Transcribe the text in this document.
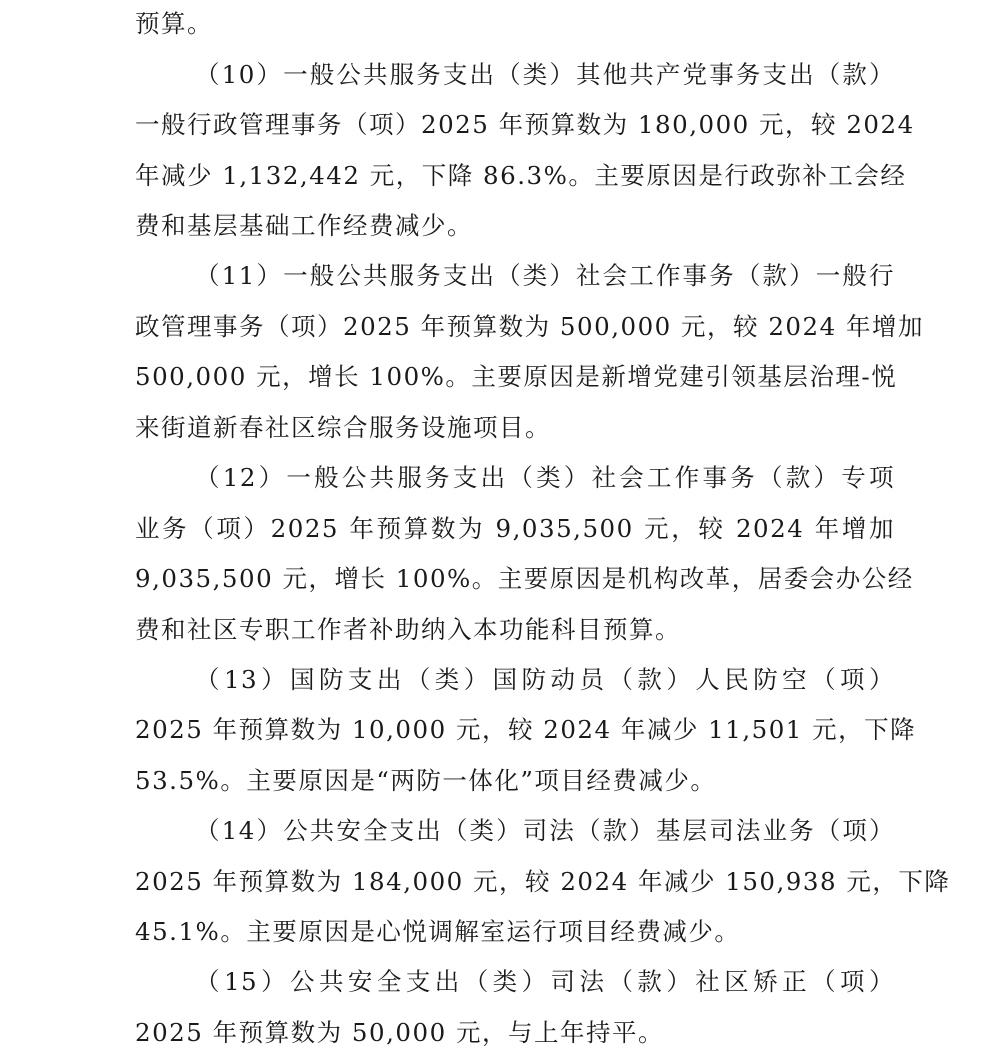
预算。

（10）一般公共服务支出（类）其他共产党事务支出（款）

一般行政管理事务（项）2025 年预算数为 180,000 元，较 2024

年减少 1,132,442 元，下降 86.3%。主要原因是行政弥补工会经

费和基层基础工作经费减少。

（11）一般公共服务支出（类）社会工作事务（款）一般行

政管理事务（项）2025 年预算数为 500,000 元，较 2024 年增加

500,000 元，增长 100%。主要原因是新增党建引领基层治理-悦

来街道新春社区综合服务设施项目。

（12）一般公共服务支出（类）社会工作事务（款）专项

业务（项）2025 年预算数为 9,035,500 元，较 2024 年增加

9,035,500 元，增长 100%。主要原因是机构改革，居委会办公经

费和社区专职工作者补助纳入本功能科目预算。

（13）国防支出（类）国防动员（款）人民防空（项）

2025 年预算数为 10,000 元，较 2024 年减少 11,501 元，下降

53.5%。主要原因是“两防一体化”项目经费减少。

（14）公共安全支出（类）司法（款）基层司法业务（项）

2025 年预算数为 184,000 元，较 2024 年减少 150,938 元，下降

45.1%。主要原因是心悦调解室运行项目经费减少。

（15）公共安全支出（类）司法（款）社区矫正（项）

2025 年预算数为 50,000 元，与上年持平。
